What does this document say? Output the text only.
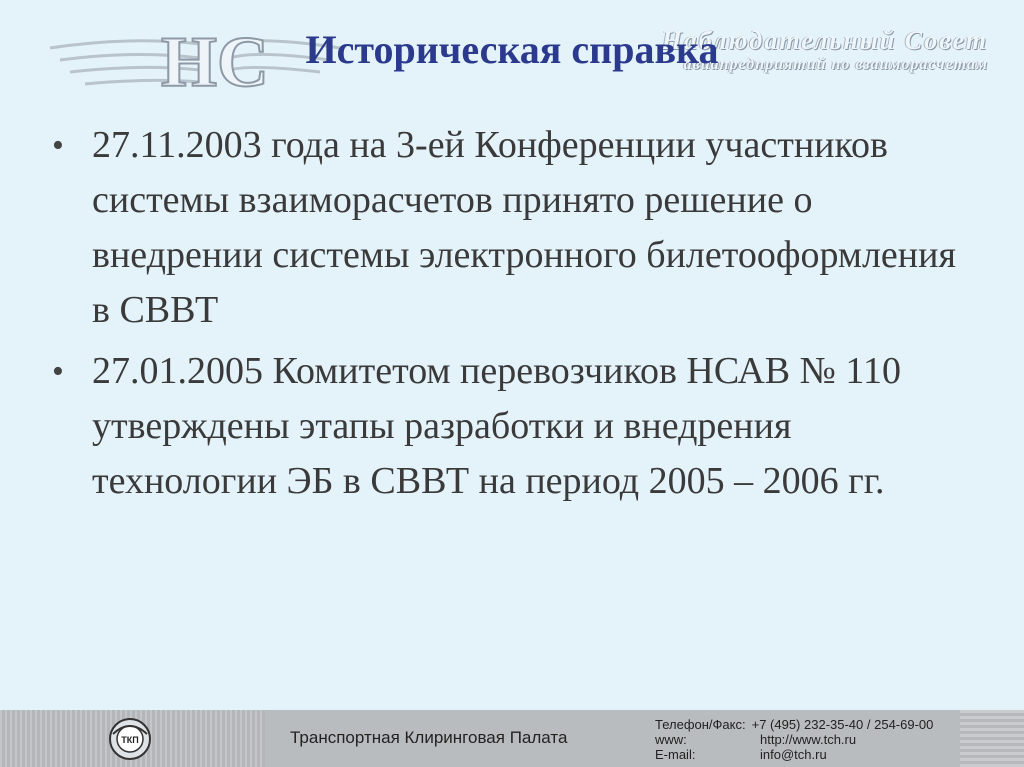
НС	Наблюдательный Совет
авиапредприятий по взаиморасчетам
Историческая справка
• 27.11.2003 года на 3-ей Конференции участников системы взаиморасчетов принято решение о внедрении системы электронного билетооформления в СВВТ
• 27.01.2005 Комитетом перевозчиков НСАВ № 110 утверждены этапы разработки и внедрения технологии ЭБ в СВВТ на период 2005 – 2006 гг.
ТКП	Транспортная Клиринговая Палата
Телефон/Факс: +7 (495) 232-35-40 / 254-69-00
www:	http://www.tch.ru
E-mail:	info@tch.ru
